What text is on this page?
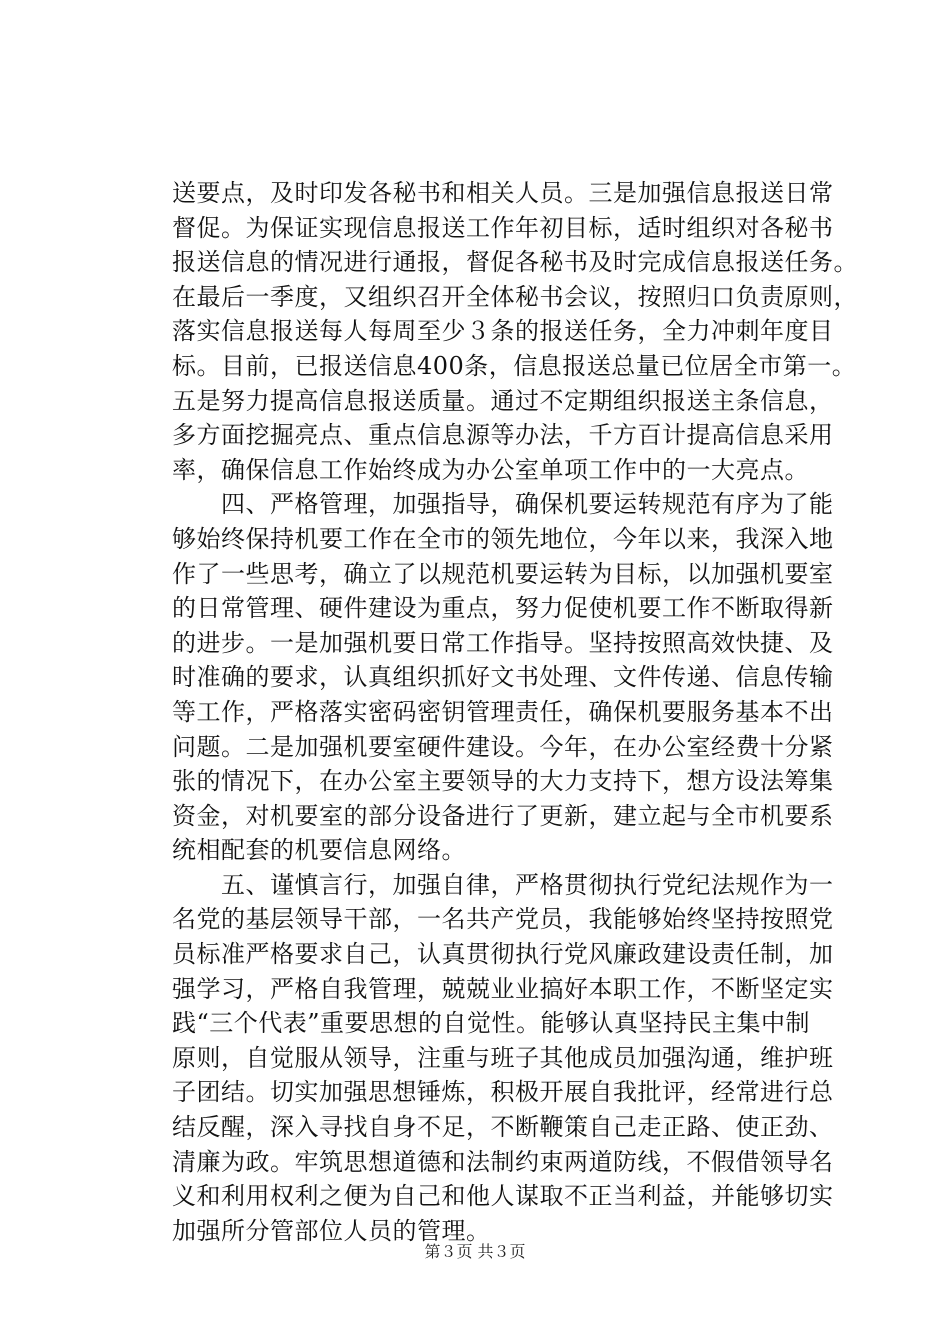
送要点，及时印发各秘书和相关人员。三是加强信息报送日常
督促。为保证实现信息报送工作年初目标，适时组织对各秘书
报送信息的情况进行通报，督促各秘书及时完成信息报送任务。
在最后一季度，又组织召开全体秘书会议，按照归口负责原则，
落实信息报送每人每周至少３条的报送任务，全力冲刺年度目
标。目前，已报送信息400条，信息报送总量已位居全市第一。
五是努力提高信息报送质量。通过不定期组织报送主条信息，
多方面挖掘亮点、重点信息源等办法，千方百计提高信息采用
率，确保信息工作始终成为办公室单项工作中的一大亮点。
　　四、严格管理，加强指导，确保机要运转规范有序为了能
够始终保持机要工作在全市的领先地位，今年以来，我深入地
作了一些思考，确立了以规范机要运转为目标，以加强机要室
的日常管理、硬件建设为重点，努力促使机要工作不断取得新
的进步。一是加强机要日常工作指导。坚持按照高效快捷、及
时准确的要求，认真组织抓好文书处理、文件传递、信息传输
等工作，严格落实密码密钥管理责任，确保机要服务基本不出
问题。二是加强机要室硬件建设。今年，在办公室经费十分紧
张的情况下，在办公室主要领导的大力支持下，想方设法筹集
资金，对机要室的部分设备进行了更新，建立起与全市机要系
统相配套的机要信息网络。
　　五、谨慎言行，加强自律，严格贯彻执行党纪法规作为一
名党的基层领导干部，一名共产党员，我能够始终坚持按照党
员标准严格要求自己，认真贯彻执行党风廉政建设责任制，加
强学习，严格自我管理，兢兢业业搞好本职工作，不断坚定实
践“三个代表”重要思想的自觉性。能够认真坚持民主集中制
原则，自觉服从领导，注重与班子其他成员加强沟通，维护班
子团结。切实加强思想锤炼，积极开展自我批评，经常进行总
结反醒，深入寻找自身不足，不断鞭策自己走正路、使正劲、
清廉为政。牢筑思想道德和法制约束两道防线，不假借领导名
义和利用权利之便为自己和他人谋取不正当利益，并能够切实
加强所分管部位人员的管理。
第３页 共３页
